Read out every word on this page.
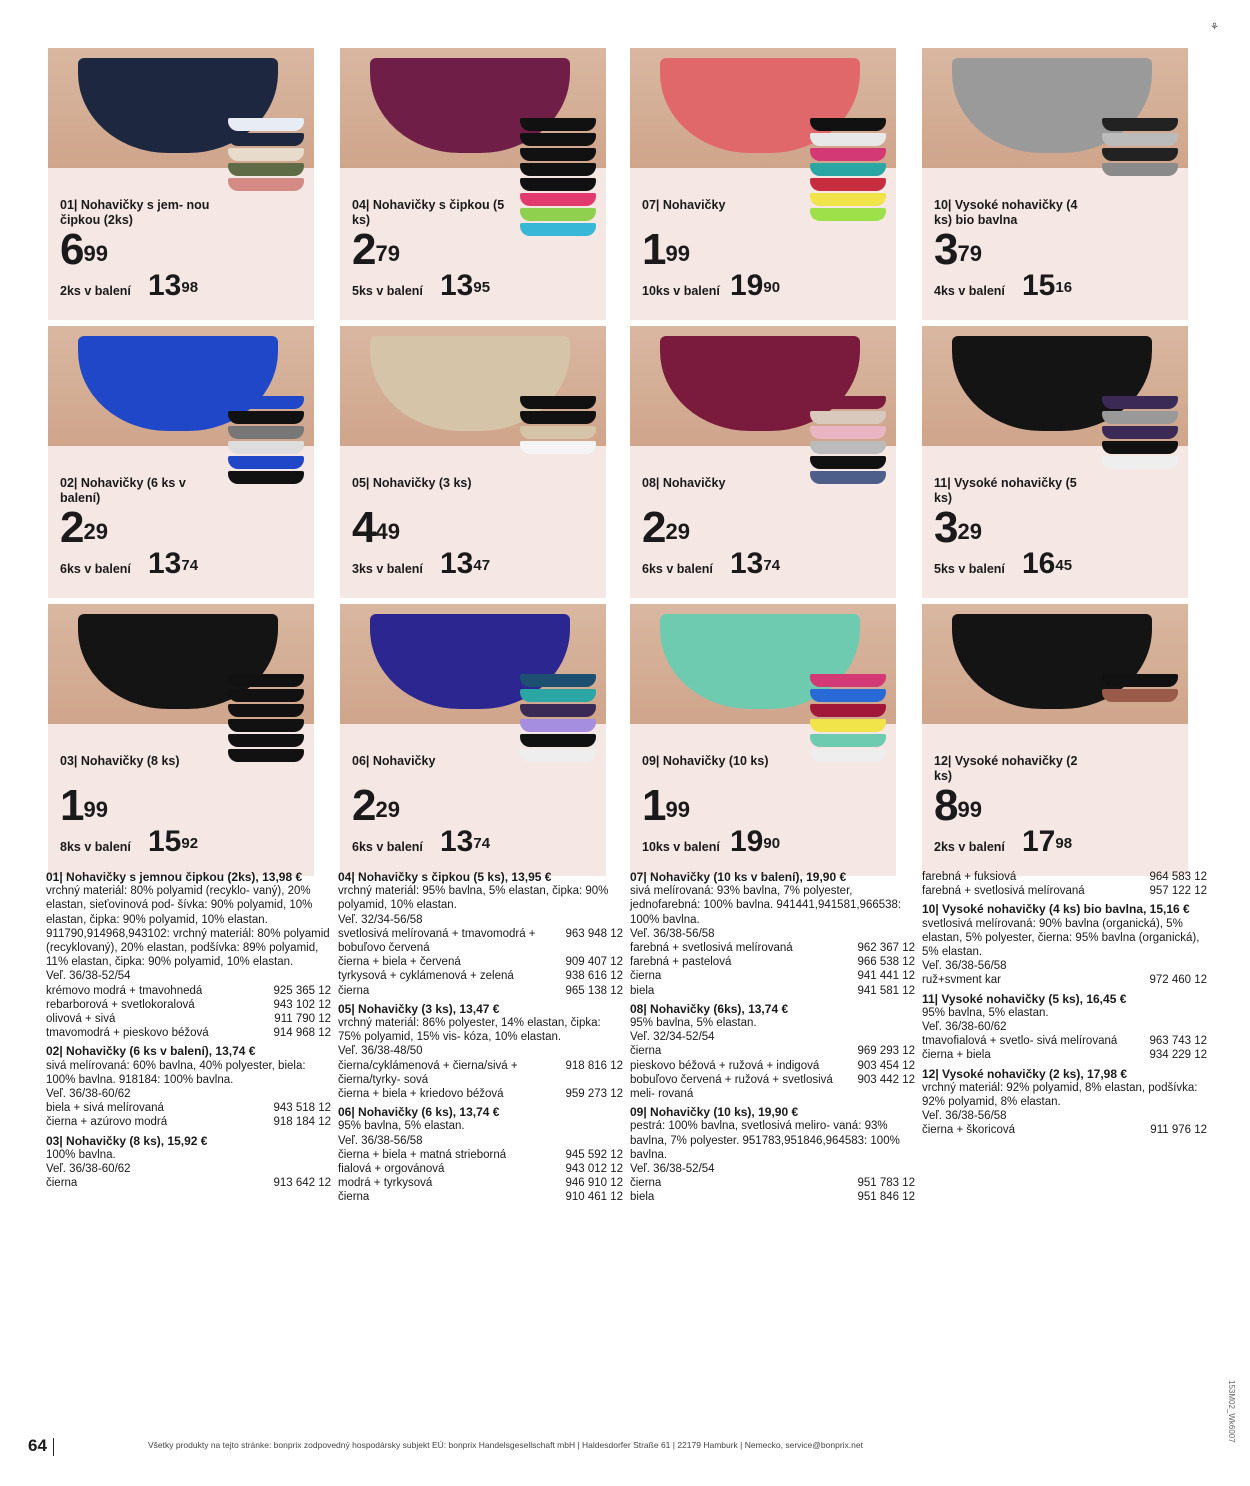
⚘
01| Nohavičky s jem- nou čipkou (2ks)
$6^{99}$
2ks v balení $13^{98}$
04| Nohavičky s čipkou (5 ks)
$2^{79}$
5ks v balení $13^{95}$
07| Nohavičky
$1^{99}$
10ks v balení $19^{90}$
10| Vysoké nohavičky (4 ks) bio bavlna
$3^{79}$
4ks v balení $15^{16}$
02| Nohavičky (6 ks v balení)
$2^{29}$
6ks v balení $13^{74}$
05| Nohavičky (3 ks)
$4^{49}$
3ks v balení $13^{47}$
08| Nohavičky
$2^{29}$
6ks v balení $13^{74}$
11| Vysoké nohavičky (5 ks)
$3^{29}$
5ks v balení $16^{45}$
03| Nohavičky (8 ks)
$1^{99}$
8ks v balení $15^{92}$
06| Nohavičky
$2^{29}$
6ks v balení $13^{74}$
09| Nohavičky (10 ks)
$1^{99}$
10ks v balení $19^{90}$
12| Vysoké nohavičky (2 ks)
$8^{99}$
2ks v balení $17^{98}$
01| Nohavičky s jemnou čipkou (2ks), 13,98 €
vrchný materiál: 80% polyamid (recyklo- vaný), 20% elastan, sieťovinová pod- šívka: 90% polyamid, 10% elastan, čipka: 90% polyamid, 10% elastan. 911790,914968,943102: vrchný materiál: 80% polyamid (recyklovaný), 20% elastan, podšívka: 89% polyamid, 11% elastan, čipka: 90% polyamid, 10% elastan.
Veľ. 36/38-52/54
krémovo modrá + tmavohnedá	925 365 12
rebarborová + svetlokoralová	943 102 12
olivová + sivá	911 790 12
tmavomodrá + pieskovo béžová	914 968 12
02| Nohavičky (6 ks v balení), 13,74 €
sivá melírovaná: 60% bavlna, 40% polyester, biela: 100% bavlna. 918184: 100% bavlna.
Veľ. 36/38-60/62
biela + sivá melírovaná	943 518 12
čierna + azúrovo modrá	918 184 12
03| Nohavičky (8 ks), 15,92 €
100% bavlna.
Veľ. 36/38-60/62
čierna	913 642 12
04| Nohavičky s čipkou (5 ks), 13,95 €
vrchný materiál: 95% bavlna, 5% elastan, čipka: 90% polyamid, 10% elastan.
Veľ. 32/34-56/58
svetlosivá melírovaná + tmavomodrá + bobuľovo červená
963 948 12
čierna + biela + červená	909 407 12
tyrkysová + cyklámenová + zelená	938 616 12
čierna	965 138 12
05| Nohavičky (3 ks), 13,47 €
vrchný materiál: 86% polyester, 14% elastan, čipka: 75% polyamid, 15% vis- kóza, 10% elastan.
Veľ. 36/38-48/50
čierna/cyklámenová + čierna/sivá + čierna/tyrky- sová
918 816 12
čierna + biela + kriedovo béžová	959 273 12
06| Nohavičky (6 ks), 13,74 €
95% bavlna, 5% elastan.
Veľ. 36/38-56/58
čierna + biela + matná strieborná	945 592 12
fialová + orgovánová	943 012 12
modrá + tyrkysová	946 910 12
čierna	910 461 12
07| Nohavičky (10 ks v balení), 19,90 €
sivá melírovaná: 93% bavlna, 7% polyester, jednofarebná: 100% bavlna. 941441,941581,966538: 100% bavlna.
Veľ. 36/38-56/58
farebná + svetlosivá melírovaná	962 367 12
farebná + pastelová	966 538 12
čierna	941 441 12
biela	941 581 12
08| Nohavičky (6ks), 13,74 €
95% bavlna, 5% elastan.
Veľ. 32/34-52/54
čierna	969 293 12
pieskovo béžová + ružová + indigová	903 454 12
bobuľovo červená + ružová + svetlosivá meli- rovaná
903 442 12
09| Nohavičky (10 ks), 19,90 €
pestrá: 100% bavlna, svetlosivá meliro- vaná: 93% bavlna, 7% polyester. 951783,951846,964583: 100% bavlna.
Veľ. 36/38-52/54
čierna	951 783 12
biela	951 846 12
farebná + fuksiová	964 583 12
farebná + svetlosivá melírovaná	957 122 12
10| Vysoké nohavičky (4 ks) bio bavlna, 15,16 €
svetlosivá melírovaná: 90% bavlna (organická), 5% elastan, 5% polyester, čierna: 95% bavlna (organická), 5% elastan.
Veľ. 36/38-56/58
ruž+svment kar	972 460 12
11| Vysoké nohavičky (5 ks), 16,45 €
95% bavlna, 5% elastan.
Veľ. 36/38-60/62
tmavofialová + svetlo- sivá melírovaná	963 743 12
čierna + biela	934 229 12
12| Vysoké nohavičky (2 ks), 17,98 €
vrchný materiál: 92% polyamid, 8% elastan, podšívka: 92% polyamid, 8% elastan.
Veľ. 36/38-56/58
čierna + škoricová	911 976 12
64	Všetky produkty na tejto stránke: bonprix zodpovedný hospodársky subjekt EÚ: bonprix Handelsgesellschaft mbH | Haldesdorfer Straße 61 | 22179 Hamburk | Nemecko, service@bonprix.net
153M02_Wk6007
